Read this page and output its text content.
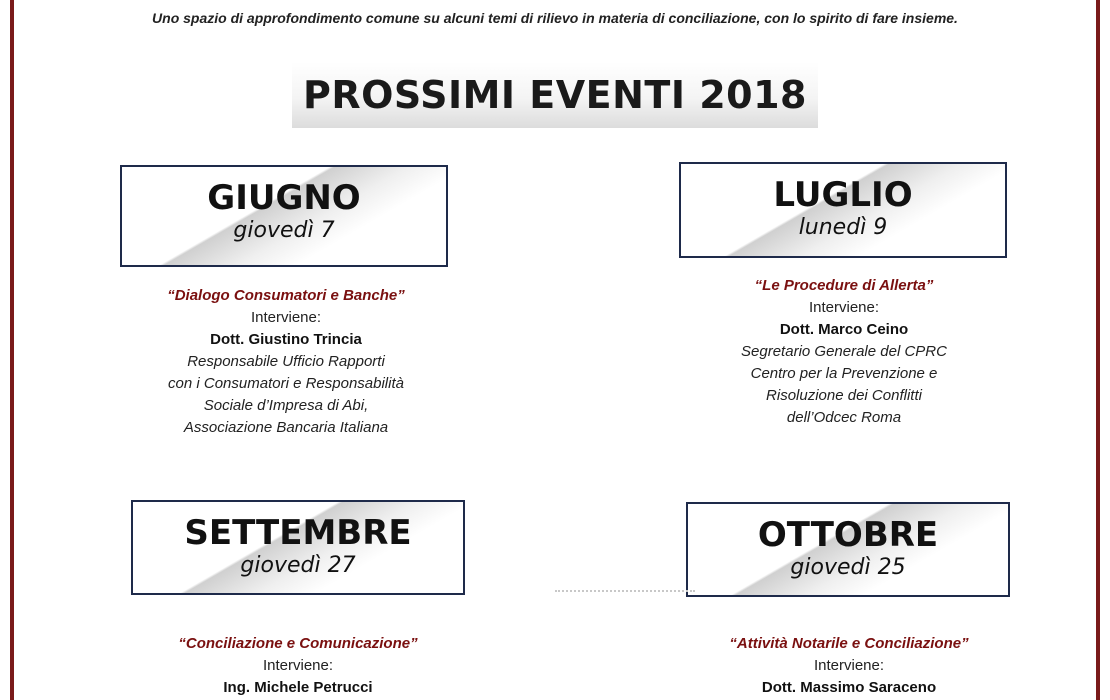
Uno spazio di approfondimento comune su alcuni temi di rilievo in materia di conciliazione, con lo spirito di fare insieme.
PROSSIMI EVENTI 2018
GIUGNO
giovedì 7
“Dialogo Consumatori e Banche”
Interviene:
Dott. Giustino Trincia
Responsabile Ufficio Rapporti
con i Consumatori e Responsabilità
Sociale d’Impresa di Abi,
Associazione Bancaria Italiana
LUGLIO
lunedì 9
“Le Procedure di Allerta”
Interviene:
Dott. Marco Ceino
Segretario Generale del CPRC
Centro per la Prevenzione e
Risoluzione dei Conflitti
dell’Odcec Roma
SETTEMBRE
giovedì 27
“Conciliazione e Comunicazione”
Interviene:
Ing. Michele Petrucci
OTTOBRE
giovedì 25
“Attività Notarile e Conciliazione”
Interviene:
Dott. Massimo Saraceno
